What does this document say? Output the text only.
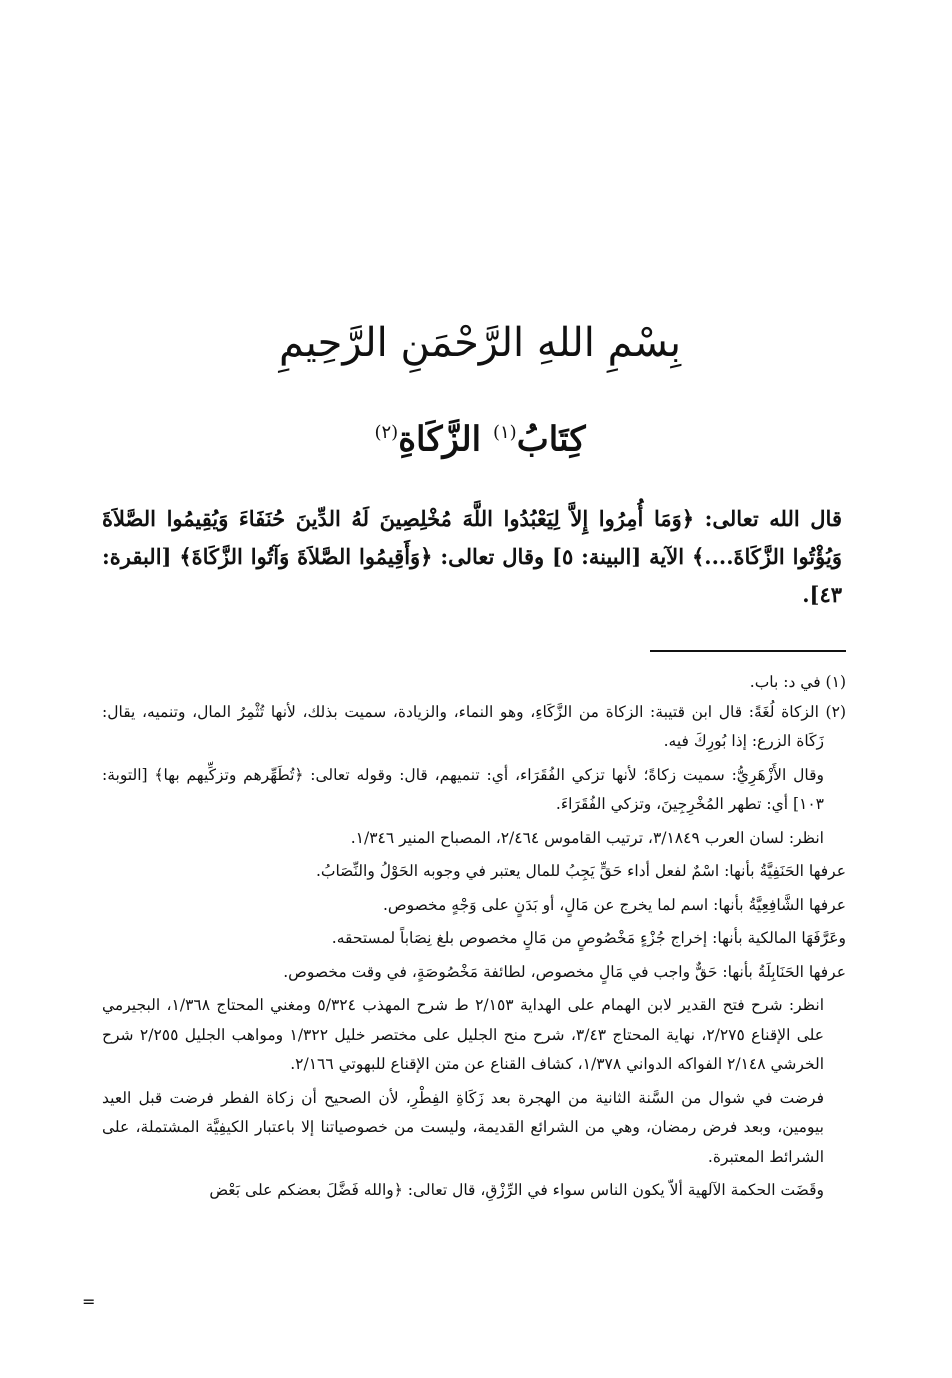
بِسْمِ اللهِ الرَّحْمَنِ الرَّحِيمِ
كِتَابُ$^{(١)}$ الزَّكَاةِ$^{(٢)}$
قال الله تعالى: ﴿وَمَا أُمِرُوا إِلاَّ لِيَعْبُدُوا اللَّهَ مُخْلِصِينَ لَهُ الدِّينَ حُنَفَاءَ وَيُقِيمُوا الصَّلاَةَ وَيُؤْتُوا الزَّكَاةَ....﴾ الآية [البينة: ٥] وقال تعالى: ﴿وَأَقِيمُوا الصَّلاَةَ وَآتُوا الزَّكَاةَ﴾ [البقرة: ٤٣].

(١) في د: باب.

(٢) الزكاة لُغَةً: قال ابن قتيبة: الزكاة من الزَّكَاءِ، وهو النماء، والزيادة، سميت بذلك، لأنها تُثْمِرُ المال، وتنميه، يقال: زَكَاة الزرع: إذا بُورِكَ فيه.

وقال الأَزْهَرِيُّ: سميت زكاةً؛ لأنها تزكي الفُقَرَاء، أي: تنميهم، قال: وقوله تعالى: ﴿تُطَهِّرهم وتزكِّيهم بها﴾ [التوبة: ١٠٣] أي: تطهر المُخْرِجِينَ، وتزكي الفُقَرَاءَ.

انظر: لسان العرب ٣/١٨٤٩، ترتيب القاموس ٢/٤٦٤، المصباح المنير ١/٣٤٦.

عرفها الحَنَفِيَّةُ بأنها: اسْمٌ لفعل أداء حَقٍّ يَجِبُ للمال يعتبر في وجوبه الحَوْلُ والنِّصَابُ.

عرفها الشَّافِعِيَّةُ بأنها: اسم لما يخرج عن مَالٍ، أو بَدَنٍ على وَجْهٍ مخصوص.

وعَرَّفَهَا المالكية بأنها: إخراج جُزْءٍ مَخْصُوصٍ من مَالٍ مخصوص بلغ نِصَاباً لمستحقه.

عرفها الحَنَابِلَةُ بأنها: حَقٌّ واجب في مَالٍ مخصوص، لطائفة مَخْصُوصَةٍ، في وقت مخصوص.

انظر: شرح فتح القدير لابن الهمام على الهداية ٢/١٥٣ ط شرح المهذب ٥/٣٢٤ ومغني المحتاج ١/٣٦٨، البجيرمي على الإقناع ٢/٢٧٥، نهاية المحتاج ٣/٤٣، شرح منح الجليل على مختصر خليل ١/٣٢٢ ومواهب الجليل ٢/٢٥٥ شرح الخرشي ٢/١٤٨ الفواكه الدواني ١/٣٧٨، كشاف القناع عن متن الإقناع للبهوتي ٢/١٦٦.

فرضت في شوال من السَّنة الثانية من الهجرة بعد زَكَاةِ الفِطْرِ، لأن الصحيح أن زكاة الفطر فرضت قبل العيد بيومين، وبعد فرض رمضان، وهي من الشرائع القديمة، وليست من خصوصياتنا إلا باعتبار الكيفِيَّة المشتملة، على الشرائط المعتبرة.

وقَضَت الحكمة الآلهية ألاّ يكون الناس سواء في الرِّزْقِ، قال تعالى: ﴿والله فَضَّلَ بعضكم على بَعْض

=
